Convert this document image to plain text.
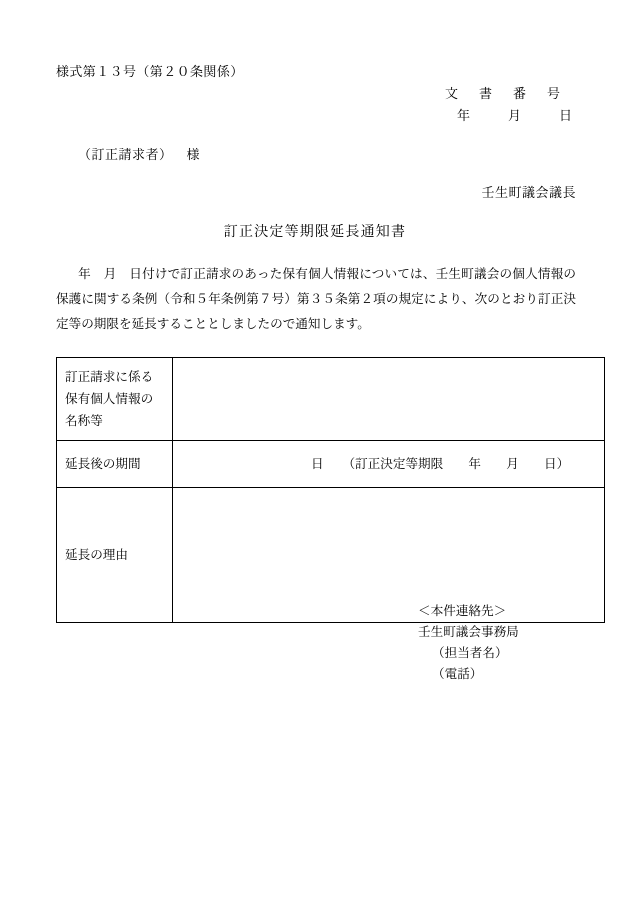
様式第１３号（第２０条関係）
文　書　番　号
年　　月　　日
（訂正請求者） 様
壬生町議会議長
訂正決定等期限延長通知書
年　月　日付けで訂正請求のあった保有個人情報については、壬生町議会の個人情報の保護に関する条例（令和５年条例第７号）第３５条第２項の規定により、次のとおり訂正決定等の期限を延長することとしましたので通知します。
訂正請求に係る保有個人情報の名称等	
延長後の期間	日　　（訂正決定等期限　　年　　月　　日）

延長の理由	
＜本件連絡先＞
壬生町議会事務局
（担当者名）
（電話）
